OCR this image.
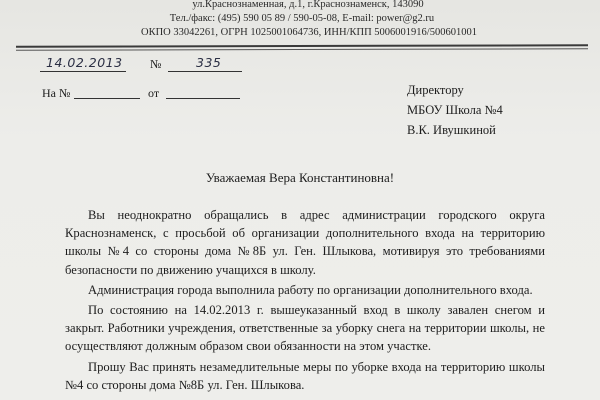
ул.Краснознаменная, д.1, г.Краснознаменск, 143090
Тел./факс: (495) 590 05 89 / 590-05-08, E-mail: power@g2.ru
ОКПО 33042261, ОГРН 1025001064736, ИНН/КПП 5006001916/500601001
14.02.2013 №	335
На №	от	Директору
МБОУ Школа №4
В.К. Ивушкиной
Уважаемая Вера Константиновна!

Вы неоднократно обращались в адрес администрации городского округа Краснознаменск, с просьбой об организации дополнительного входа на территорию школы №4 со стороны дома №8Б ул. Ген. Шлыкова, мотивируя это требованиями безопасности по движению учащихся в школу.

Администрация города выполнила работу по организации дополнительного входа.

По состоянию на 14.02.2013 г. вышеуказанный вход в школу завален снегом и закрыт. Работники учреждения, ответственные за уборку снега на территории школы, не осуществляют должным образом свои обязанности на этом участке.

Прошу Вас принять незамедлительные меры по уборке входа на территорию школы №4 со стороны дома №8Б ул. Ген. Шлыкова.
